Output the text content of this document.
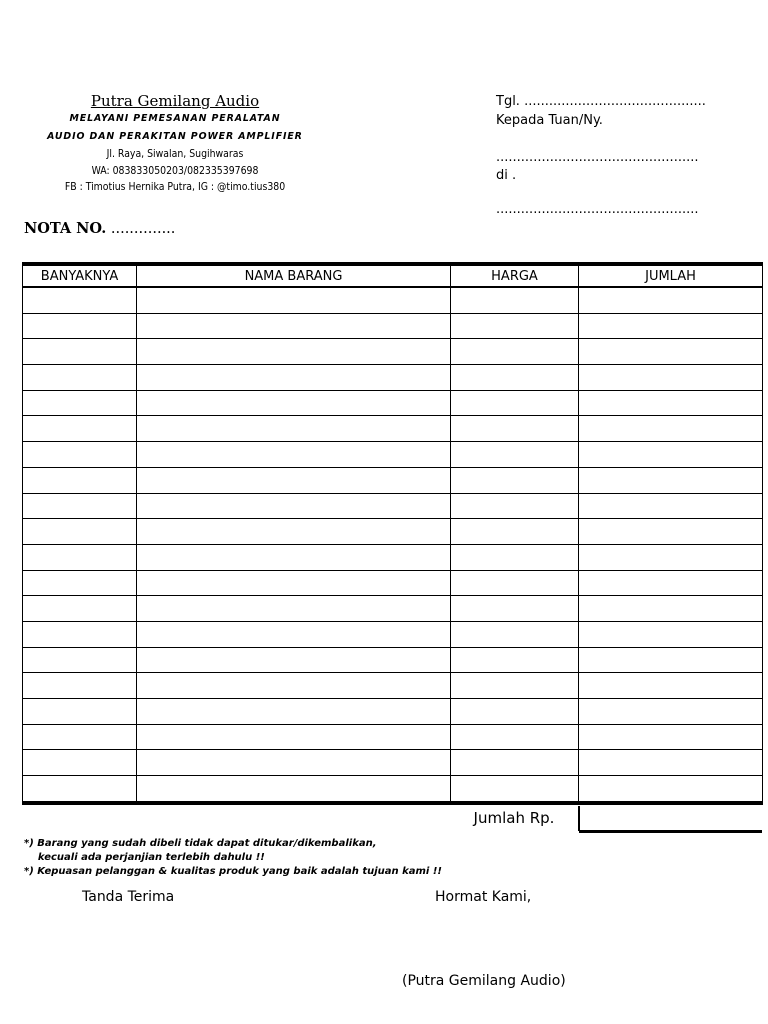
Putra Gemilang Audio
MELAYANI PEMESANAN PERALATAN
AUDIO DAN PERAKITAN POWER AMPLIFIER
Jl. Raya, Siwalan, Sugihwaras
WA: 083833050203/082335397698
FB : Timotius Hernika Putra, IG : @timo.tius380
Tgl. ............................................
Kepada Tuan/Ny.
.................................................
di .
.................................................
NOTA NO. ..............
BANYAKNYA	NAMA BARANG	HARGA	JUMLAH

Jumlah Rp.
*) Barang yang sudah dibeli tidak dapat ditukar/dikembalikan,
kecuali ada perjanjian terlebih dahulu !!
*) Kepuasan pelanggan & kualitas produk yang baik adalah tujuan kami !!
Tanda Terima	Hormat Kami,
(Putra Gemilang Audio)
